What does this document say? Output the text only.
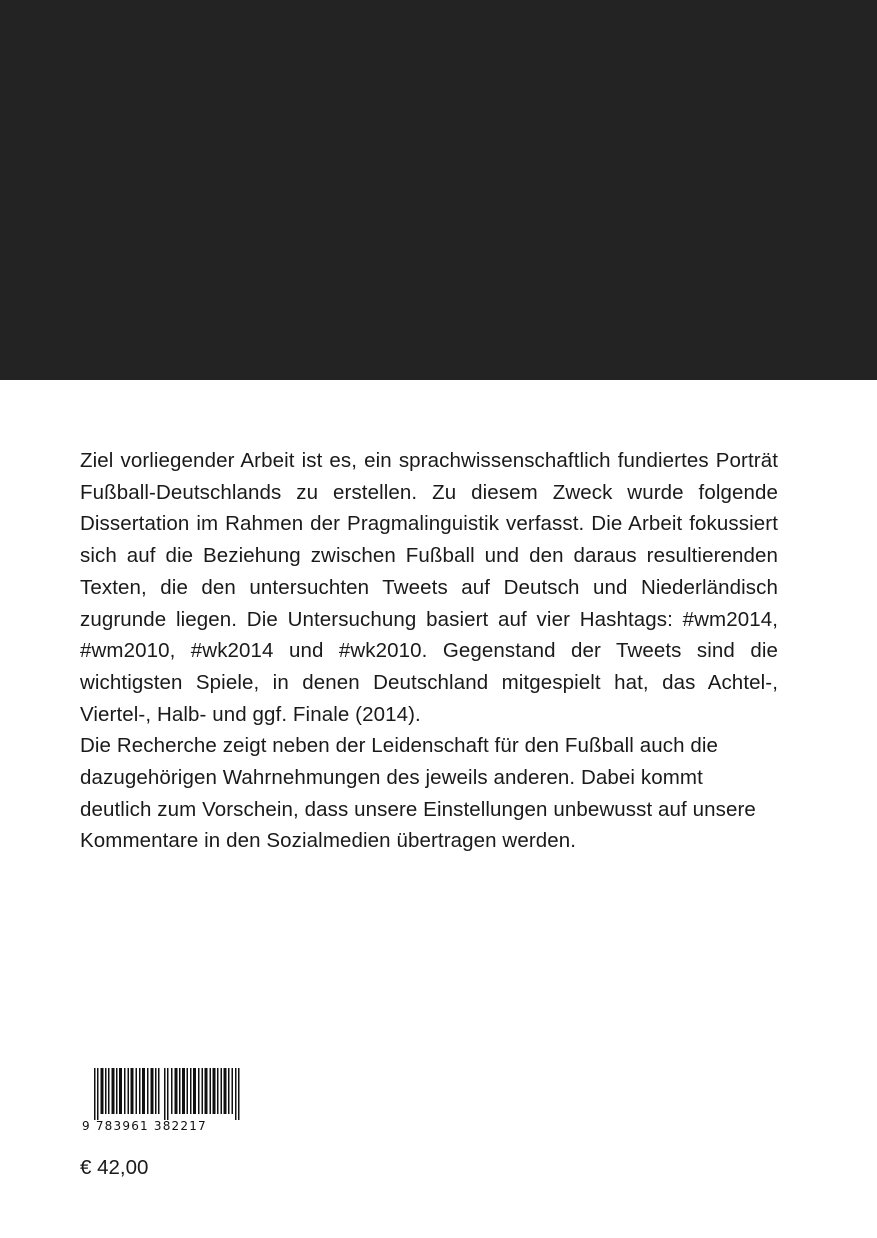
Ziel vorliegender Arbeit ist es, ein sprachwissenschaftlich fundiertes Porträt Fußball-Deutschlands zu erstellen. Zu diesem Zweck wurde folgende Dissertation im Rahmen der Pragmalinguistik verfasst. Die Arbeit fokussiert sich auf die Beziehung zwischen Fußball und den daraus resultierenden Texten, die den untersuchten Tweets auf Deutsch und Niederländisch zugrunde liegen. Die Untersuchung basiert auf vier Hashtags: #wm2014, #wm2010, #wk2014 und #wk2010. Gegenstand der Tweets sind die wichtigsten Spiele, in denen Deutschland mitgespielt hat, das Achtel-, Viertel-, Halb- und ggf. Finale (2014).

Die Recherche zeigt neben der Leidenschaft für den Fußball auch die dazugehörigen Wahrnehmungen des jeweils anderen. Dabei kommt deutlich zum Vorschein, dass unsere Einstellungen unbewusst auf unsere Kommentare in den Sozialmedien übertragen werden.

9 783961 382217
€ 42,00
